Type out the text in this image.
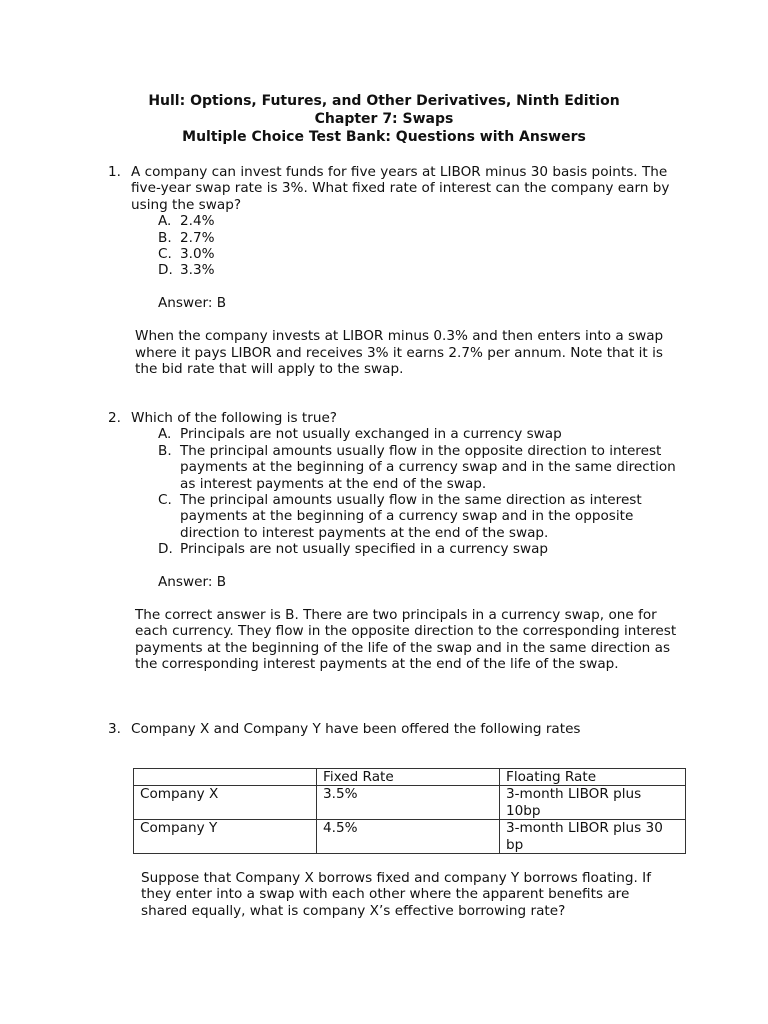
Hull: Options, Futures, and Other Derivatives, Ninth Edition
Chapter 7: Swaps
Multiple Choice Test Bank: Questions with Answers
1. A company can invest funds for five years at LIBOR minus 30 basis points. The five-year swap rate is 3%. What fixed rate of interest can the company earn by using the swap?
A. 2.4%
B. 2.7%
C. 3.0%
D. 3.3%
Answer: B
When the company invests at LIBOR minus 0.3% and then enters into a swap where it pays LIBOR and receives 3% it earns 2.7% per annum. Note that it is the bid rate that will apply to the swap.
2. Which of the following is true?
A. Principals are not usually exchanged in a currency swap
B. The principal amounts usually flow in the opposite direction to interest payments at the beginning of a currency swap and in the same direction as interest payments at the end of the swap.
C. The principal amounts usually flow in the same direction as interest payments at the beginning of a currency swap and in the opposite direction to interest payments at the end of the swap.
D. Principals are not usually specified in a currency swap
Answer: B
The correct answer is B. There are two principals in a currency swap, one for each currency. They flow in the opposite direction to the corresponding interest payments at the beginning of the life of the swap and in the same direction as the corresponding interest payments at the end of the life of the swap.
3. Company X and Company Y have been offered the following rates
	Fixed Rate	Floating Rate
Company X	3.5%	3-month LIBOR plus 10bp
Company Y	4.5%	3-month LIBOR plus 30 bp
Suppose that Company X borrows fixed and company Y borrows floating. If they enter into a swap with each other where the apparent benefits are shared equally, what is company X’s effective borrowing rate?
